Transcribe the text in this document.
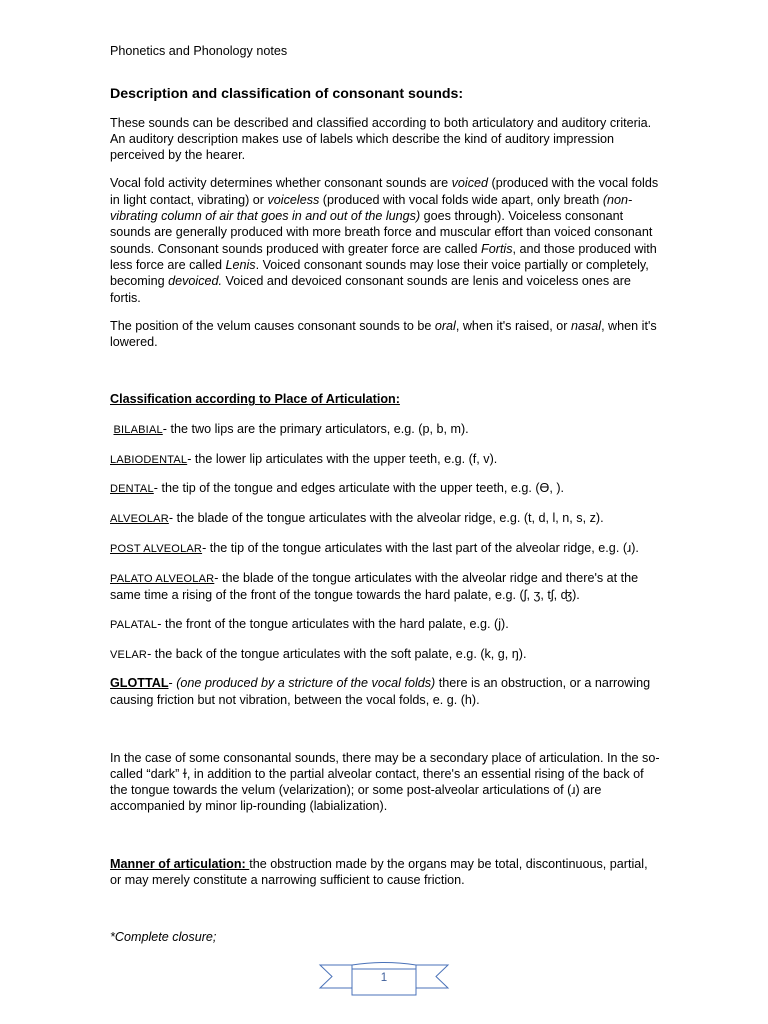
Phonetics and Phonology notes
Description and classification of consonant sounds:

These sounds can be described and classified according to both articulatory and auditory criteria. An auditory description makes use of labels which describe the kind of auditory impression perceived by the hearer.

Vocal fold activity determines whether consonant sounds are voiced (produced with the vocal folds in light contact, vibrating) or voiceless (produced with vocal folds wide apart, only breath (non-vibrating column of air that goes in and out of the lungs) goes through). Voiceless consonant sounds are generally produced with more breath force and muscular effort than voiced consonant sounds. Consonant sounds produced with greater force are called Fortis, and those produced with less force are called Lenis. Voiced consonant sounds may lose their voice partially or completely, becoming devoiced. Voiced and devoiced consonant sounds are lenis and voiceless ones are fortis.

The position of the velum causes consonant sounds to be oral, when it's raised, or nasal, when it's lowered.

Classification according to Place of Articulation:
BILABIAL- the two lips are the primary articulators, e.g. (p, b, m).
LABIODENTAL- the lower lip articulates with the upper teeth, e.g. (f, v).
DENTAL- the tip of the tongue and edges articulate with the upper teeth, e.g. (Ɵ, ).
ALVEOLAR- the blade of the tongue articulates with the alveolar ridge, e.g. (t, d, l, n, s, z).
POST ALVEOLAR- the tip of the tongue articulates with the last part of the alveolar ridge, e.g. (ɹ).
PALATO ALVEOLAR- the blade of the tongue articulates with the alveolar ridge and there's at the same time a rising of the front of the tongue towards the hard palate, e.g. (ʃ, ʒ, tʃ, ʤ).
PALATAL- the front of the tongue articulates with the hard palate, e.g. (j).
VELAR- the back of the tongue articulates with the soft palate, e.g. (k, g, ŋ).
GLOTTAL- (one produced by a stricture of the vocal folds) there is an obstruction, or a narrowing causing friction but not vibration, between the vocal folds, e. g. (h).

In the case of some consonantal sounds, there may be a secondary place of articulation. In the so-called “dark” ɫ, in addition to the partial alveolar contact, there's an essential rising of the back of the tongue towards the velum (velarization); or some post-alveolar articulations of (ɹ) are accompanied by minor lip-rounding (labialization).

Manner of articulation: the obstruction made by the organs may be total, discontinuous, partial, or may merely constitute a narrowing sufficient to cause friction.

*Complete closure;

1
